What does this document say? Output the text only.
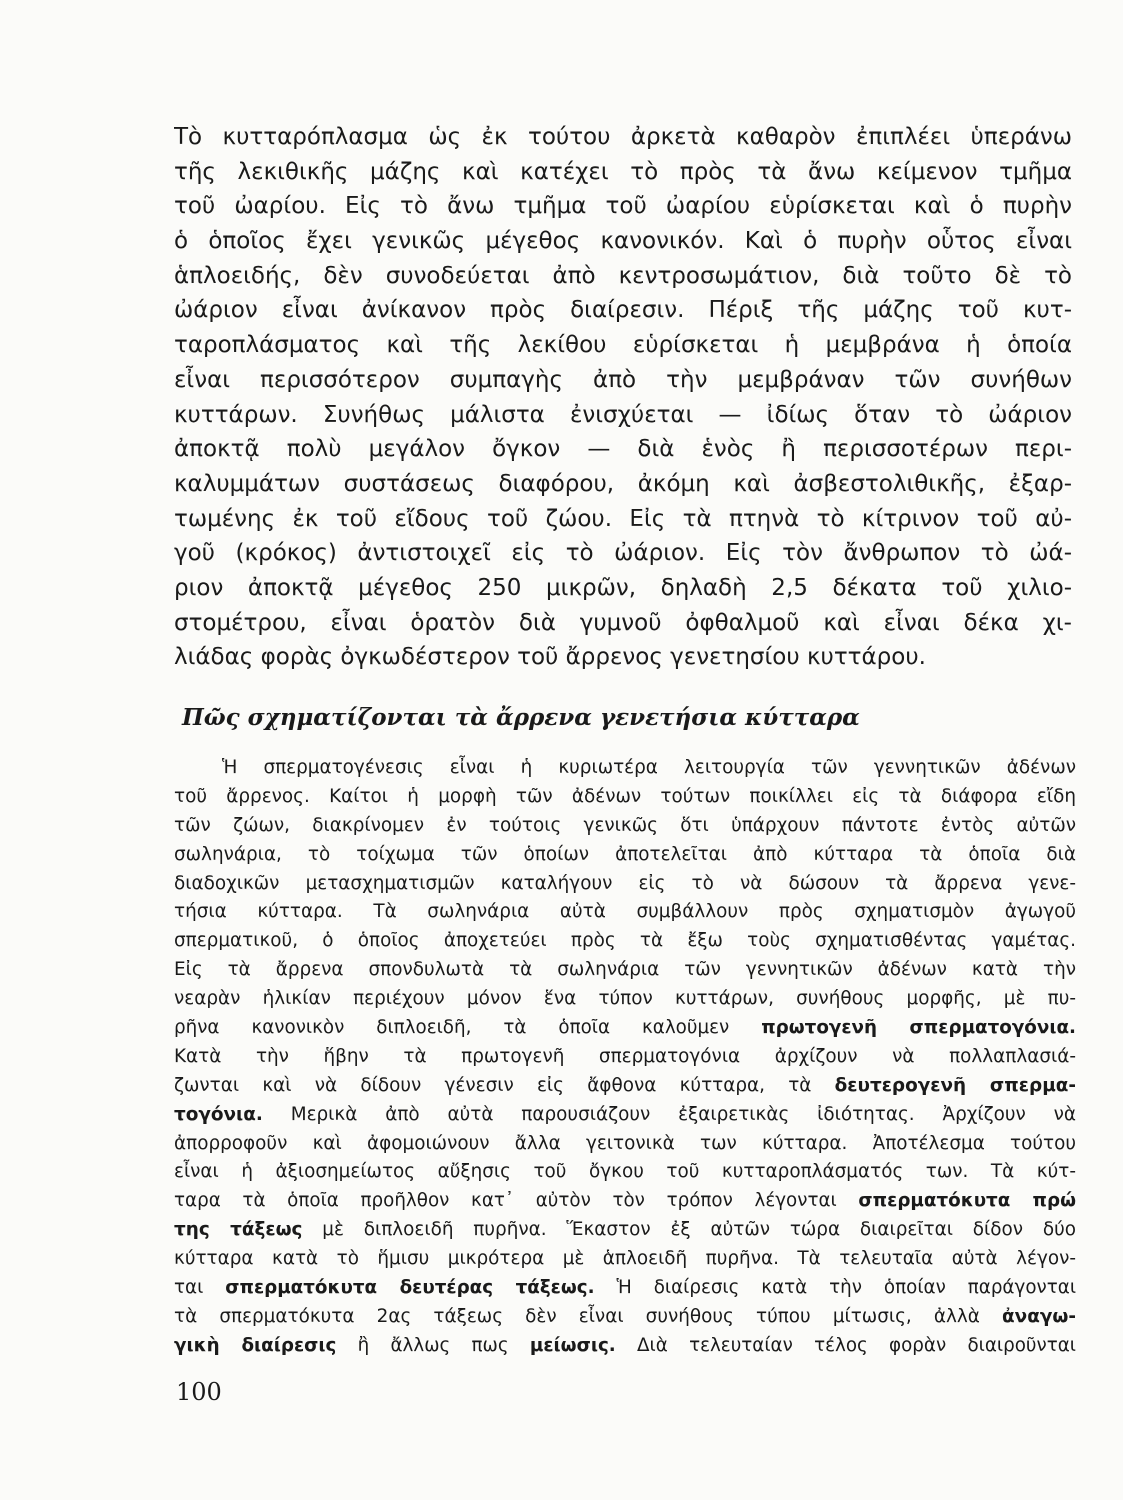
Τὸ κυτταρόπλασμα ὡς ἐκ τούτου ἀρκετὰ καθαρὸν ἐπιπλέει ὑπεράνω
τῆς λεκιθικῆς μάζης καὶ κατέχει τὸ πρὸς τὰ ἄνω κείμενον τμῆμα
τοῦ ὠαρίου. Εἰς τὸ ἄνω τμῆμα τοῦ ὠαρίου εὑρίσκεται καὶ ὁ πυρὴν
ὁ ὁποῖος ἔχει γενικῶς μέγεθος κανονικόν. Καὶ ὁ πυρὴν οὗτος εἶναι
ἁπλοειδής, δὲν συνοδεύεται ἀπὸ κεντροσωμάτιον, διὰ τοῦτο δὲ τὸ
ὠάριον εἶναι ἀνίκανον πρὸς διαίρεσιν. Πέριξ τῆς μάζης τοῦ κυτ-
ταροπλάσματος καὶ τῆς λεκίθου εὑρίσκεται ἡ μεμβράνα ἡ ὁποία
εἶναι περισσότερον συμπαγὴς ἀπὸ τὴν μεμβράναν τῶν συνήθων
κυττάρων. Συνήθως μάλιστα ἐνισχύεται — ἰδίως ὅταν τὸ ὠάριον
ἀποκτᾷ πολὺ μεγάλον ὄγκον — διὰ ἑνὸς ἢ περισσοτέρων περι-
καλυμμάτων συστάσεως διαφόρου, ἀκόμη καὶ ἀσβεστολιθικῆς, ἐξαρ-
τωμένης ἐκ τοῦ εἴδους τοῦ ζώου. Εἰς τὰ πτηνὰ τὸ κίτρινον τοῦ αὐ-
γοῦ (κρόκος) ἀντιστοιχεῖ εἰς τὸ ὠάριον. Εἰς τὸν ἄνθρωπον τὸ ὠά-
ριον ἀποκτᾷ μέγεθος 250 μικρῶν, δηλαδὴ 2,5 δέκατα τοῦ χιλιο-
στομέτρου, εἶναι ὁρατὸν διὰ γυμνοῦ ὀφθαλμοῦ καὶ εἶναι δέκα χι-
λιάδας φορὰς ὀγκωδέστερον τοῦ ἄρρενος γενετησίου κυττάρου.
Πῶς σχηματίζονται τὰ ἄρρενα γενετήσια κύτταρα
Ἡ σπερματογένεσις εἶναι ἡ κυριωτέρα λειτουργία τῶν γεννητικῶν ἀδένων
τοῦ ἄρρενος. Καίτοι ἡ μορφὴ τῶν ἀδένων τούτων ποικίλλει εἰς τὰ διάφορα εἴδη
τῶν ζώων, διακρίνομεν ἐν τούτοις γενικῶς ὅτι ὑπάρχουν πάντοτε ἐντὸς αὐτῶν
σωληνάρια, τὸ τοίχωμα τῶν ὁποίων ἀποτελεῖται ἀπὸ κύτταρα τὰ ὁποῖα διὰ
διαδοχικῶν μετασχηματισμῶν καταλήγουν εἰς τὸ νὰ δώσουν τὰ ἄρρενα γενε-
τήσια κύτταρα. Τὰ σωληνάρια αὐτὰ συμβάλλουν πρὸς σχηματισμὸν ἀγωγοῦ
σπερματικοῦ, ὁ ὁποῖος ἀποχετεύει πρὸς τὰ ἔξω τοὺς σχηματισθέντας γαμέτας.
Εἰς τὰ ἄρρενα σπονδυλωτὰ τὰ σωληνάρια τῶν γεννητικῶν ἀδένων κατὰ τὴν
νεαρὰν ἡλικίαν περιέχουν μόνον ἕνα τύπον κυττάρων, συνήθους μορφῆς, μὲ πυ-
ρῆνα κανονικὸν διπλοειδῆ, τὰ ὁποῖα καλοῦμεν πρωτογενῆ σπερματογόνια.
Κατὰ τὴν ἥβην τὰ πρωτογενῆ σπερματογόνια ἀρχίζουν νὰ πολλαπλασιά-
ζωνται καὶ νὰ δίδουν γένεσιν εἰς ἄφθονα κύτταρα, τὰ δευτερογενῆ σπερμα-
τογόνια. Μερικὰ ἀπὸ αὐτὰ παρουσιάζουν ἐξαιρετικὰς ἰδιότητας. Ἀρχίζουν νὰ
ἀπορροφοῦν καὶ ἀφομοιώνουν ἄλλα γειτονικὰ των κύτταρα. Ἀποτέλεσμα τούτου
εἶναι ἡ ἀξιοσημείωτος αὔξησις τοῦ ὄγκου τοῦ κυτταροπλάσματός των. Τὰ κύτ-
ταρα τὰ ὁποῖα προῆλθον κατ᾿ αὐτὸν τὸν τρόπον λέγονται σπερματόκυτα πρώ
της τάξεως μὲ διπλοειδῆ πυρῆνα. Ἕκαστον ἐξ αὐτῶν τώρα διαιρεῖται δίδον δύο
κύτταρα κατὰ τὸ ἥμισυ μικρότερα μὲ ἁπλοειδῆ πυρῆνα. Τὰ τελευταῖα αὐτὰ λέγον-
ται σπερματόκυτα δευτέρας τάξεως. Ἡ διαίρεσις κατὰ τὴν ὁποίαν παράγονται
τὰ σπερματόκυτα 2ας τάξεως δὲν εἶναι συνήθους τύπου μίτωσις, ἀλλὰ ἀναγω-
γικὴ διαίρεσις ἢ ἄλλως πως μείωσις. Διὰ τελευταίαν τέλος φορὰν διαιροῦνται
100
